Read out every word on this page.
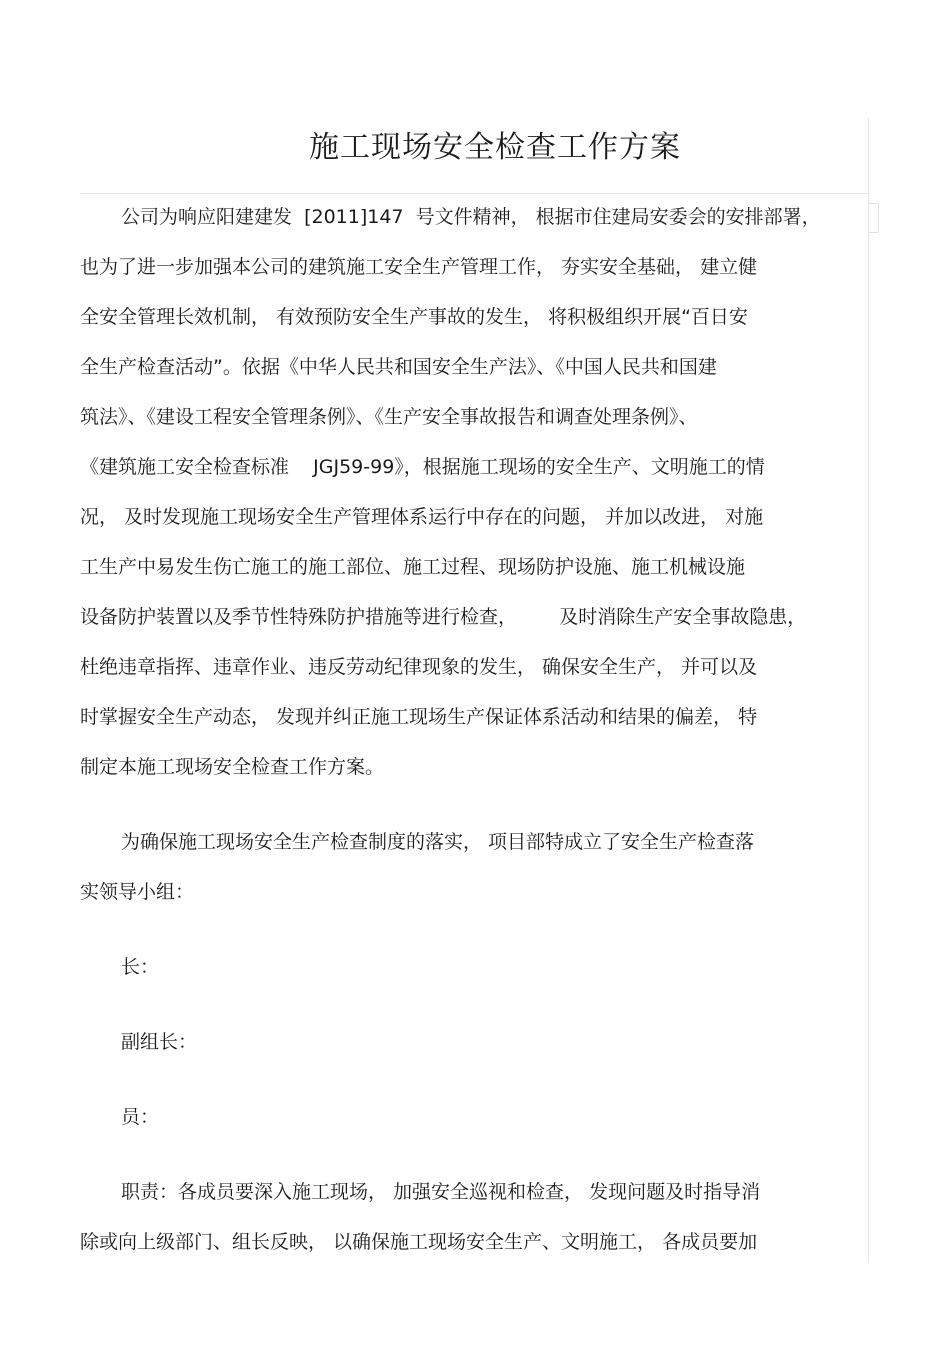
施工现场安全检查工作方案
公司为响应阳建建发  [2011]147  号文件精神， 根据市住建局安委会的安排部署，
也为了进一步加强本公司的建筑施工安全生产管理工作， 夯实安全基础， 建立健
全安全管理长效机制， 有效预防安全生产事故的发生， 将积极组织开展“百日安
全生产检查活动”。依据《中华人民共和国安全生产法》、《中国人民共和国建
筑法》、《建设工程安全管理条例》、《生产安全事故报告和调查处理条例》、
《建筑施工安全检查标准    JGJ59-99》，根据施工现场的安全生产、文明施工的情
况， 及时发现施工现场安全生产管理体系运行中存在的问题， 并加以改进， 对施
工生产中易发生伤亡施工的施工部位、施工过程、现场防护设施、施工机械设施
设备防护装置以及季节性特殊防护措施等进行检查，       及时消除生产安全事故隐患，
杜绝违章指挥、违章作业、违反劳动纪律现象的发生， 确保安全生产， 并可以及
时掌握安全生产动态， 发现并纠正施工现场生产保证体系活动和结果的偏差， 特
制定本施工现场安全检查工作方案。
为确保施工现场安全生产检查制度的落实， 项目部特成立了安全生产检查落
实领导小组：
长：
副组长：
员：
职责：各成员要深入施工现场， 加强安全巡视和检查， 发现问题及时指导消
除或向上级部门、组长反映， 以确保施工现场安全生产、文明施工， 各成员要加
